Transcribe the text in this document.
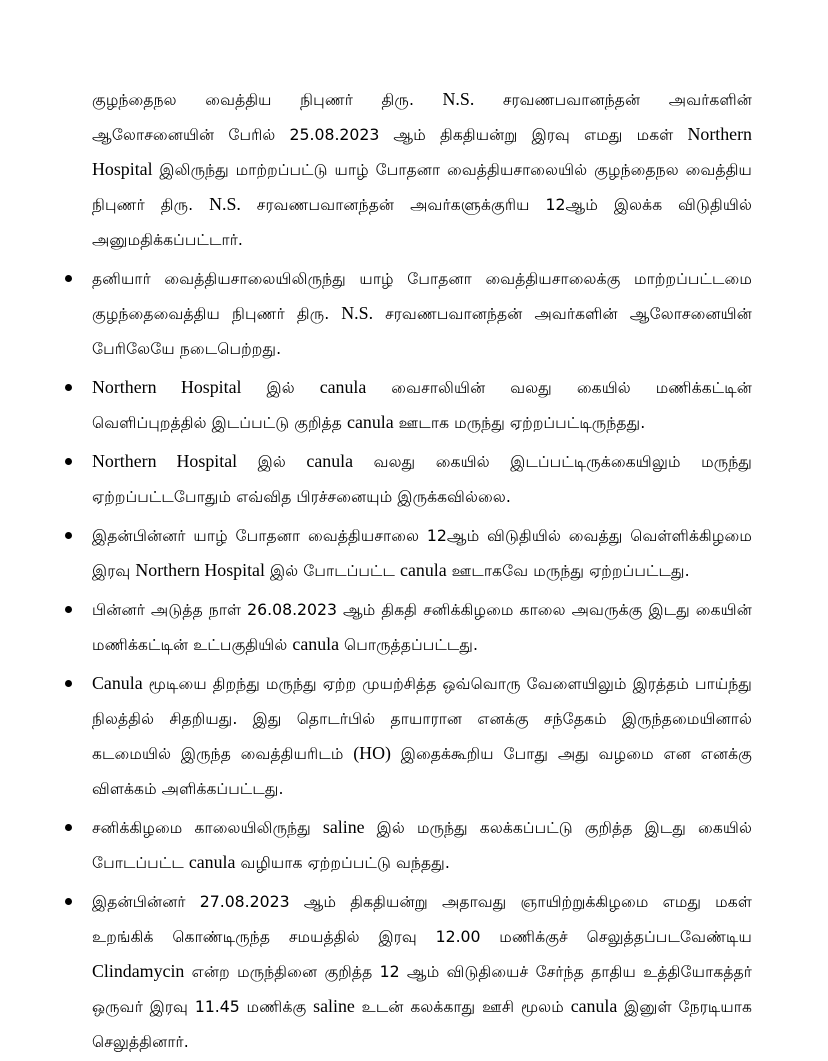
குழந்தைநல வைத்திய நிபுணர் திரு. N.S. சரவணபவானந்தன் அவர்களின்
ஆலோசனையின் பேரில் 25.08.2023 ஆம் திகதியன்று இரவு எமது மகள் Northern
Hospital இலிருந்து மாற்றப்பட்டு யாழ் போதனா வைத்தியசாலையில் குழந்தைநல வைத்திய
நிபுணர் திரு. N.S. சரவணபவானந்தன் அவர்களுக்குரிய 12ஆம் இலக்க விடுதியில்
அனுமதிக்கப்பட்டார்.
தனியார் வைத்தியசாலையிலிருந்து யாழ் போதனா வைத்தியசாலைக்கு மாற்றப்பட்டமை
குழந்தைவைத்திய நிபுணர் திரு. N.S. சரவணபவானந்தன் அவர்களின் ஆலோசனையின்
பேரிலேயே நடைபெற்றது.
Northern Hospital இல் canula வைசாலியின் வலது கையில் மணிக்கட்டின்
வெளிப்புறத்தில் இடப்பட்டு குறித்த canula ஊடாக மருந்து ஏற்றப்பட்டிருந்தது.
Northern Hospital இல் canula வலது கையில் இடப்பட்டிருக்கையிலும் மருந்து
ஏற்றப்பட்டபோதும் எவ்வித பிரச்சனையும் இருக்கவில்லை.
இதன்பின்னர் யாழ் போதனா வைத்தியசாலை 12ஆம் விடுதியில் வைத்து வெள்ளிக்கிழமை
இரவு Northern Hospital இல் போடப்பட்ட canula ஊடாகவே மருந்து ஏற்றப்பட்டது.
பின்னர் அடுத்த நாள் 26.08.2023 ஆம் திகதி சனிக்கிழமை காலை அவருக்கு இடது கையின்
மணிக்கட்டின் உட்பகுதியில் canula பொருத்தப்பட்டது.
Canula மூடியை திறந்து மருந்து ஏற்ற முயற்சித்த ஒவ்வொரு வேளையிலும் இரத்தம் பாய்ந்து
நிலத்தில் சிதறியது. இது தொடர்பில் தாயாரான எனக்கு சந்தேகம் இருந்தமையினால்
கடமையில் இருந்த வைத்தியரிடம் (HO) இதைக்கூறிய போது அது வழமை என எனக்கு
விளக்கம் அளிக்கப்பட்டது.
சனிக்கிழமை காலையிலிருந்து saline இல் மருந்து கலக்கப்பட்டு குறித்த இடது கையில்
போடப்பட்ட canula வழியாக ஏற்றப்பட்டு வந்தது.
இதன்பின்னர் 27.08.2023 ஆம் திகதியன்று அதாவது ஞாயிற்றுக்கிழமை எமது மகள்
உறங்கிக் கொண்டிருந்த சமயத்தில் இரவு 12.00 மணிக்குச் செலுத்தப்படவேண்டிய
Clindamycin என்ற மருந்தினை குறித்த 12 ஆம் விடுதியைச் சேர்ந்த தாதிய உத்தியோகத்தர்
ஒருவர் இரவு 11.45 மணிக்கு saline உடன் கலக்காது ஊசி மூலம் canula இனுள் நேரடியாக
செலுத்தினார்.
